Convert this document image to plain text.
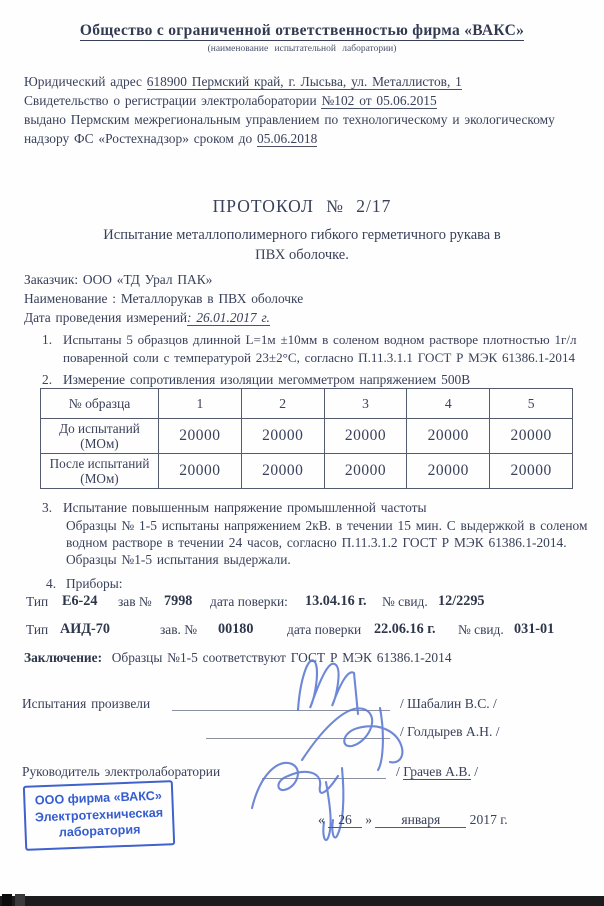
Общество с ограниченной ответственностью фирма «ВАКС»
(наименование испытательной лаборатории)
Юридический адрес 618900 Пермский край, г. Лысьва, ул. Металлистов, 1
Свидетельство о регистрации электролаборатории №102 от 05.06.2015
выдано Пермским межрегиональным управлением по технологическому и экологическому
надзору ФС «Ростехнадзор» сроком до 05.06.2018
ПРОТОКОЛ № 2/17
Испытание металлополимерного гибкого герметичного рукава в
ПВХ оболочке.
Заказчик: ООО «ТД Урал ПАК»
Наименование : Металлорукав в ПВХ оболочке
Дата проведения измерений: 26.01.2017 г.
1. Испытаны 5 образцов длинной L=1м ±10мм в соленом водном растворе плотностью 1г/л
поваренной соли с температурой 23±2°С, согласно П.11.3.1.1 ГОСТ Р МЭК 61386.1-2014
2. Измерение сопротивления изоляции мегомметром напряжением 500В
№ образца	1	2	3	4	5
До испытаний
(МОм)	20000	20000	20000	20000	20000
После испытаний
(МОм)	20000	20000	20000	20000	20000
3. Испытание повышенным напряжение промышленной частоты
Образцы № 1-5 испытаны напряжением 2кВ. в течении 15 мин. С выдержкой в соленом
водном растворе в течении 24 часов, согласно П.11.3.1.2 ГОСТ Р МЭК 61386.1-2014.
Образцы №1-5 испытания выдержали.
4. Приборы:
Тип Е6-24 зав № 7998 дата поверки: 13.04.16 г. № свид. 12/2295
Тип АИД-70	зав. № 00180	дата поверки 22.06.16 г. № свид. 031-01
Заключение: Образцы №1-5 соответствуют ГОСТ Р МЭК 61386.1-2014
Испытания произвели	/ Шабалин В.С. /
/ Голдырев А.Н. /
Руководитель электролаборатории	/ Грачев А.В. /
ООО фирма «ВАКС»
Электротехническая
лаборатория
« 26 » января 2017 г.
